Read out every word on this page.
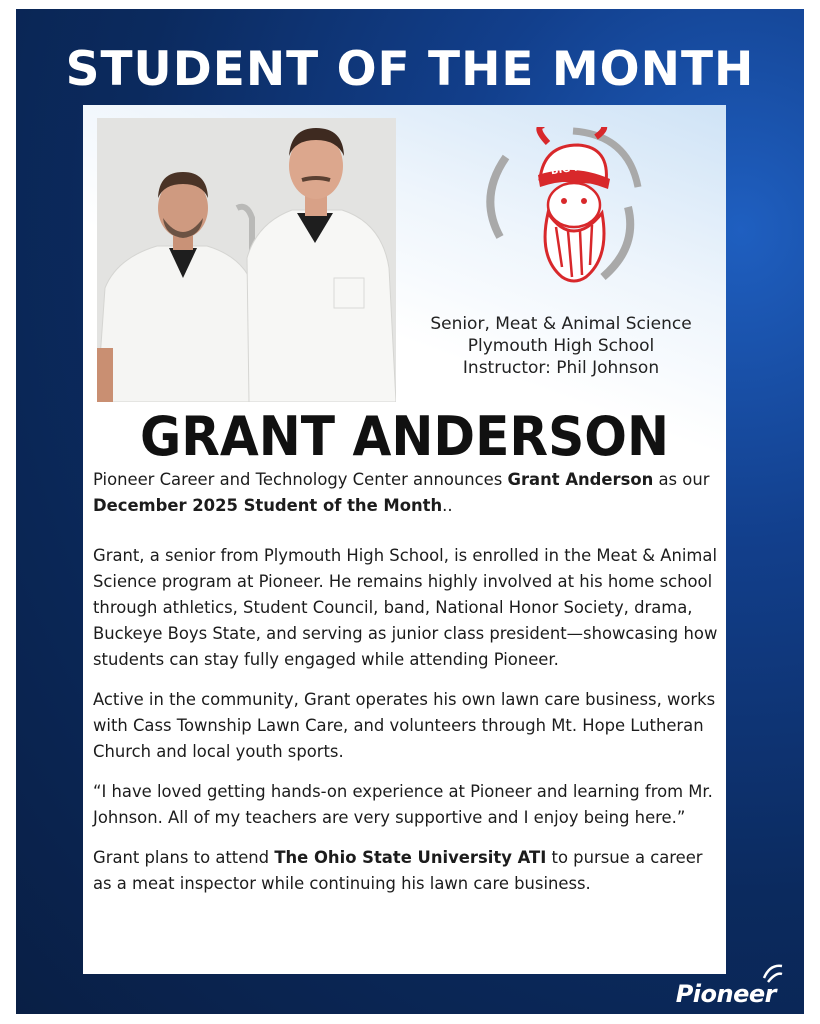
STUDENT OF THE MONTH
BIG RED
Senior, Meat & Animal Science
Plymouth High School
Instructor: Phil Johnson
GRANT ANDERSON

Pioneer Career and Technology Center announces Grant Anderson as our December 2025 Student of the Month..

Grant, a senior from Plymouth High School, is enrolled in the Meat & Animal Science program at Pioneer. He remains highly involved at his home school through athletics, Student Council, band, National Honor Society, drama, Buckeye Boys State, and serving as junior class president—showcasing how students can stay fully engaged while attending Pioneer.

Active in the community, Grant operates his own lawn care business, works with Cass Township Lawn Care, and volunteers through Mt. Hope Lutheran Church and local youth sports.

“I have loved getting hands-on experience at Pioneer and learning from Mr. Johnson. All of my teachers are very supportive and I enjoy being here.”

Grant plans to attend The Ohio State University ATI to pursue a career as a meat inspector while continuing his lawn care business.

Pioneer
